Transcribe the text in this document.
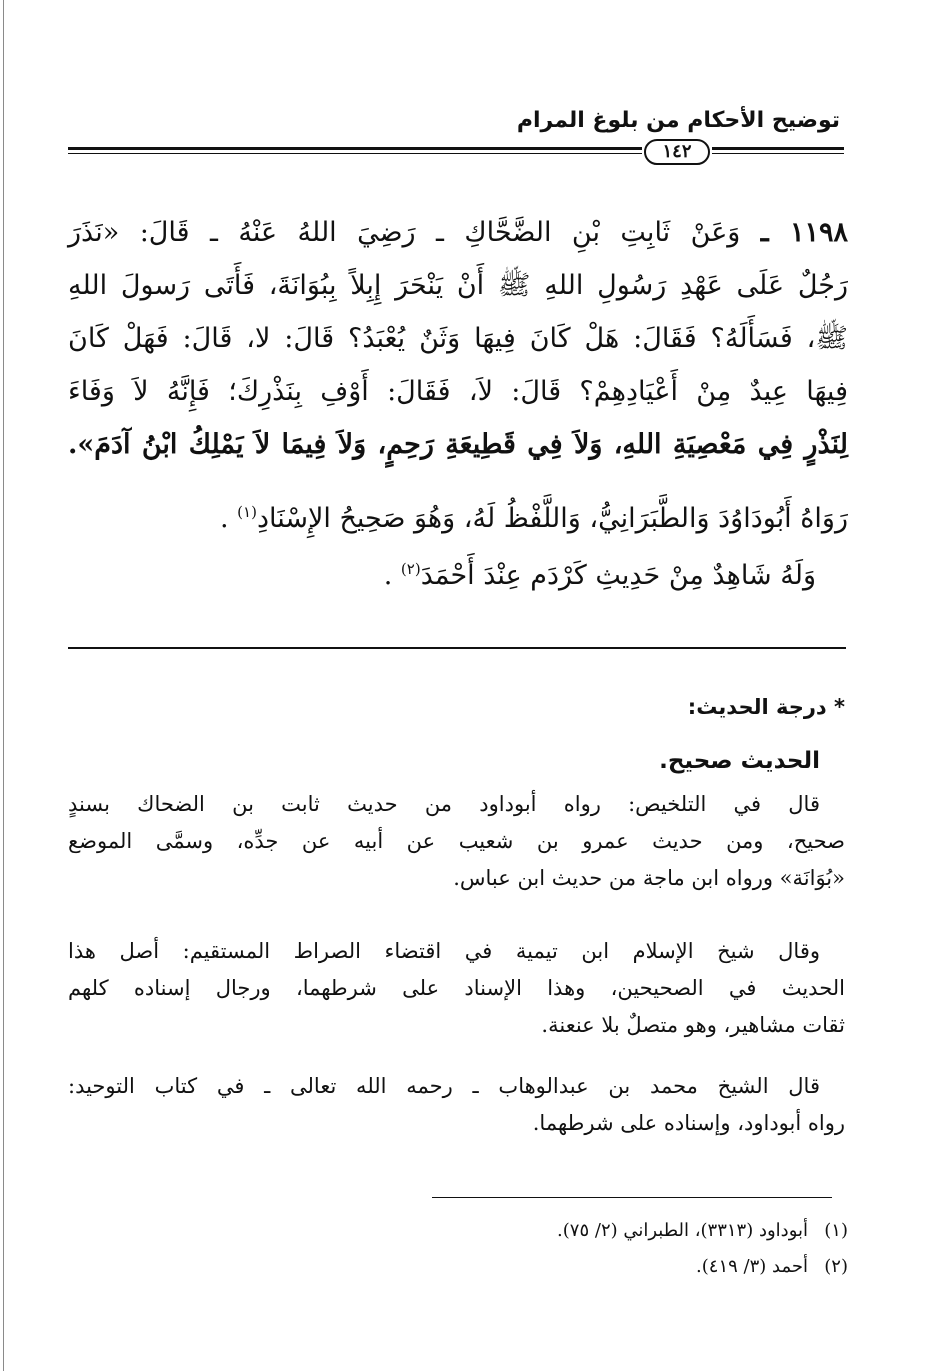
توضيح الأحكام من بلوغ المرام
١٤٢
١١٩٨ ـ وَعَنْ ثَابِتِ بْنِ الضَّحَّاكِ ـ رَضِيَ اللهُ عَنْهُ ـ قَالَ: «نَذَرَ
رَجُلٌ عَلَى عَهْدِ رَسُولِ اللهِ ﷺ أَنْ يَنْحَرَ إِبِلاً بِبُوَانَةَ، فَأَتَى رَسولَ اللهِ
ﷺ، فَسَأَلَهُ؟ فَقَالَ: هَلْ كَانَ فِيهَا وَثَنٌ يُعْبَدُ؟ قَالَ: لا، قَالَ: فَهَلْ كَانَ
فِيهَا عِيدٌ مِنْ أَعْيَادِهِمْ؟ قَالَ: لاَ، فَقَالَ: أَوْفِ بِنَذْرِكَ؛ فَإِنَّهُ لاَ وَفَاءَ
لِنَذْرٍ فِي مَعْصِيَةِ اللهِ، وَلاَ فِي قَطِيعَةِ رَحِمٍ، وَلاَ فِيمَا لاَ يَمْلِكُ ابْنُ آدَمَ».
رَوَاهُ أَبُودَاوُدَ وَالطَّبَرَانِيُّ، وَاللَّفْظُ لَهُ، وَهُوَ صَحِيحُ الإِسْنَادِ$^{(١)}$ .
وَلَهُ شَاهِدٌ مِنْ حَدِيثِ كَرْدَم عِنْدَ أَحْمَدَ$^{(٢)}$ .
* درجة الحديث:
الحديث صحيح.
قال في التلخيص: رواه أبوداود من حديث ثابت بن الضحاك بسندٍ
صحيح، ومن حديث عمرو بن شعيب عن أبيه عن جدِّه، وسمَّى الموضع
«بُوَانَة» ورواه ابن ماجة من حديث ابن عباس.
وقال شيخ الإسلام ابن تيمية في اقتضاء الصراط المستقيم: أصل هذا
الحديث في الصحيحين، وهذا الإسناد على شرطهما، ورجال إسناده كلهم
ثقات مشاهير، وهو متصلٌ بلا عنعنة.
قال الشيخ محمد بن عبدالوهاب ـ رحمه الله تعالى ـ في كتاب التوحيد:
رواه أبوداود، وإسناده على شرطهما.
(١)أبوداود (٣٣١٣)، الطبراني (٢/ ٧٥).
(٢)أحمد (٣/ ٤١٩).
